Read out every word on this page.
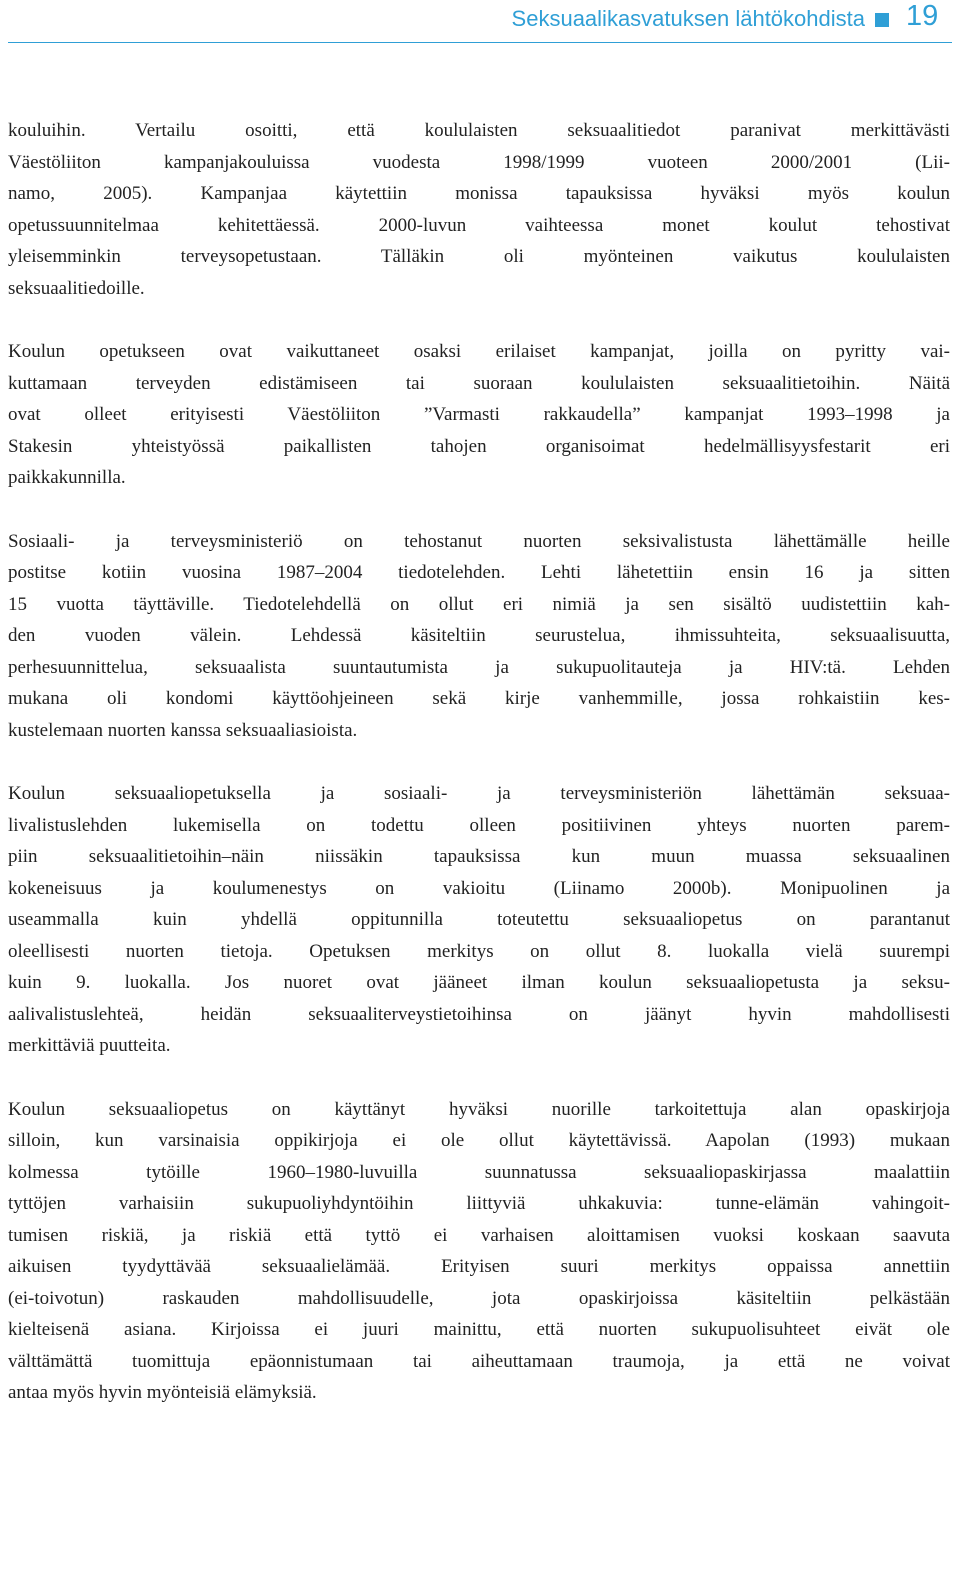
Seksuaalikasvatuksen lähtökohdista 19
kouluihin. Vertailu osoitti, että koululaisten seksuaalitiedot paranivat merkittävästi
Väestöliiton kampanjakouluissa vuodesta 1998/1999 vuoteen 2000/2001 (Lii-
namo, 2005). Kampanjaa käytettiin monissa tapauksissa hyväksi myös koulun
opetussuunnitelmaa kehitettäessä. 2000-luvun vaihteessa monet koulut tehostivat
yleisemminkin terveysopetustaan. Tälläkin oli myönteinen vaikutus koululaisten
seksuaalitiedoille.
Koulun opetukseen ovat vaikuttaneet osaksi erilaiset kampanjat, joilla on pyritty vai-
kuttamaan terveyden edistämiseen tai suoraan koululaisten seksuaalitietoihin. Näitä
ovat olleet erityisesti Väestöliiton ”Varmasti rakkaudella” kampanjat 1993–1998 ja
Stakesin yhteistyössä paikallisten tahojen organisoimat hedelmällisyysfestarit eri
paikkakunnilla.
Sosiaali- ja terveysministeriö on tehostanut nuorten seksivalistusta lähettämälle heille
postitse kotiin vuosina 1987–2004 tiedotelehden. Lehti lähetettiin ensin 16 ja sitten
15 vuotta täyttäville. Tiedotelehdellä on ollut eri nimiä ja sen sisältö uudistettiin kah-
den vuoden välein. Lehdessä käsiteltiin seurustelua, ihmissuhteita, seksuaalisuutta,
perhesuunnittelua, seksuaalista suuntautumista ja sukupuolitauteja ja HIV:tä. Lehden
mukana oli kondomi käyttöohjeineen sekä kirje vanhemmille, jossa rohkaistiin kes-
kustelemaan nuorten kanssa seksuaaliasioista.
Koulun seksuaaliopetuksella ja sosiaali- ja terveysministeriön lähettämän seksuaa-
livalistuslehden lukemisella on todettu olleen positiivinen yhteys nuorten parem-
piin seksuaalitietoihin–näin niissäkin tapauksissa kun muun muassa seksuaalinen
kokeneisuus ja koulumenestys on vakioitu (Liinamo 2000b). Monipuolinen ja
useammalla kuin yhdellä oppitunnilla toteutettu seksuaaliopetus on parantanut
oleellisesti nuorten tietoja. Opetuksen merkitys on ollut 8. luokalla vielä suurempi
kuin 9. luokalla. Jos nuoret ovat jääneet ilman koulun seksuaaliopetusta ja seksu-
aalivalistuslehteä, heidän seksuaaliterveystietoihinsa on jäänyt hyvin mahdollisesti
merkittäviä puutteita.
Koulun seksuaaliopetus on käyttänyt hyväksi nuorille tarkoitettuja alan opaskirjoja
silloin, kun varsinaisia oppikirjoja ei ole ollut käytettävissä. Aapolan (1993) mukaan
kolmessa tytöille 1960–1980-luvuilla suunnatussa seksuaaliopaskirjassa maalattiin
tyttöjen varhaisiin sukupuoliyhdyntöihin liittyviä uhkakuvia: tunne-elämän vahingoit-
tumisen riskiä, ja riskiä että tyttö ei varhaisen aloittamisen vuoksi koskaan saavuta
aikuisen tyydyttävää seksuaalielämää. Erityisen suuri merkitys oppaissa annettiin
(ei-toivotun) raskauden mahdollisuudelle, jota opaskirjoissa käsiteltiin pelkästään
kielteisenä asiana. Kirjoissa ei juuri mainittu, että nuorten sukupuolisuhteet eivät ole
välttämättä tuomittuja epäonnistumaan tai aiheuttamaan traumoja, ja että ne voivat
antaa myös hyvin myönteisiä elämyksiä.
